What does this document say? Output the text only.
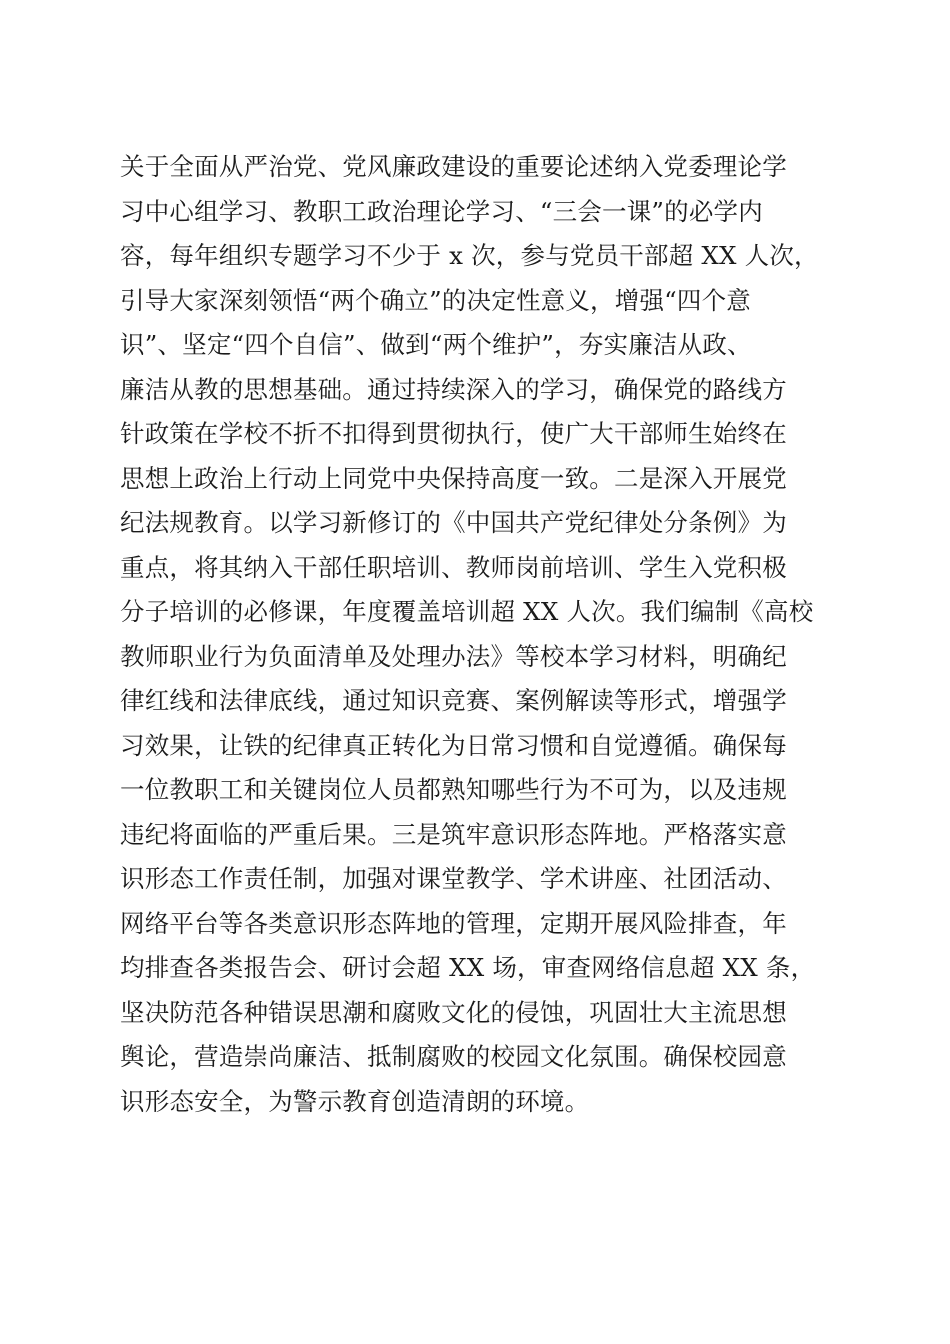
关于全面从严治党、党风廉政建设的重要论述纳入党委理论学
习中心组学习、教职工政治理论学习、“三会一课”的必学内
容，每年组织专题学习不少于 x 次，参与党员干部超 XX 人次，
引导大家深刻领悟“两个确立”的决定性意义，增强“四个意
识”、坚定“四个自信”、做到“两个维护”，夯实廉洁从政、
廉洁从教的思想基础。通过持续深入的学习，确保党的路线方
针政策在学校不折不扣得到贯彻执行，使广大干部师生始终在
思想上政治上行动上同党中央保持高度一致。二是深入开展党
纪法规教育。以学习新修订的《中国共产党纪律处分条例》为
重点，将其纳入干部任职培训、教师岗前培训、学生入党积极
分子培训的必修课，年度覆盖培训超 XX 人次。我们编制《高校
教师职业行为负面清单及处理办法》等校本学习材料，明确纪
律红线和法律底线，通过知识竞赛、案例解读等形式，增强学
习效果，让铁的纪律真正转化为日常习惯和自觉遵循。确保每
一位教职工和关键岗位人员都熟知哪些行为不可为，以及违规
违纪将面临的严重后果。三是筑牢意识形态阵地。严格落实意
识形态工作责任制，加强对课堂教学、学术讲座、社团活动、
网络平台等各类意识形态阵地的管理，定期开展风险排查，年
均排查各类报告会、研讨会超 XX 场，审查网络信息超 XX 条，
坚决防范各种错误思潮和腐败文化的侵蚀，巩固壮大主流思想
舆论，营造崇尚廉洁、抵制腐败的校园文化氛围。确保校园意
识形态安全，为警示教育创造清朗的环境。
